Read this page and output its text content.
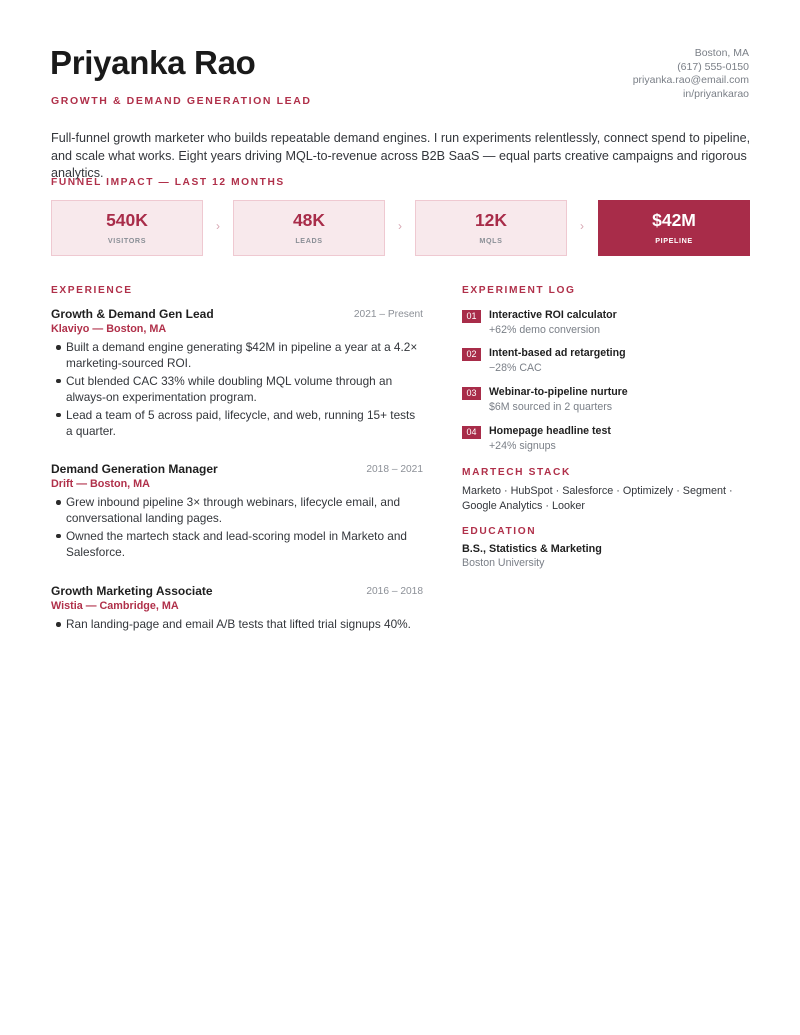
Priyanka Rao
GROWTH & DEMAND GENERATION LEAD
Boston, MA
(617) 555-0150
priyanka.rao@email.com
in/priyankarao

Full-funnel growth marketer who builds repeatable demand engines. I run experiments relentlessly, connect spend to pipeline, and scale what works. Eight years driving MQL-to-revenue across B2B SaaS — equal parts creative campaigns and rigorous analytics.

FUNNEL IMPACT — LAST 12 MONTHS
540K
VISITORS
›	48K
LEADS
›	12K
MQLS
›	$42M
PIPELINE
EXPERIENCE
Growth & Demand Gen Lead	2021 – Present
Klaviyo — Boston, MA
Built a demand engine generating $42M in pipeline a year at a 4.2× marketing-sourced ROI.
Cut blended CAC 33% while doubling MQL volume through an always-on experimentation program.
Lead a team of 5 across paid, lifecycle, and web, running 15+ tests a quarter.
Demand Generation Manager	2018 – 2021
Drift — Boston, MA
Grew inbound pipeline 3× through webinars, lifecycle email, and conversational landing pages.
Owned the martech stack and lead-scoring model in Marketo and Salesforce.
Growth Marketing Associate	2016 – 2018
Wistia — Cambridge, MA
Ran landing-page and email A/B tests that lifted trial signups 40%.
EXPERIMENT LOG
01	Interactive ROI calculator
+62% demo conversion
02	Intent-based ad retargeting
−28% CAC
03	Webinar-to-pipeline nurture
$6M sourced in 2 quarters
04	Homepage headline test
+24% signups
MARTECH STACK
Marketo · HubSpot · Salesforce · Optimizely · Segment · Google Analytics · Looker
EDUCATION
B.S., Statistics & Marketing
Boston University
